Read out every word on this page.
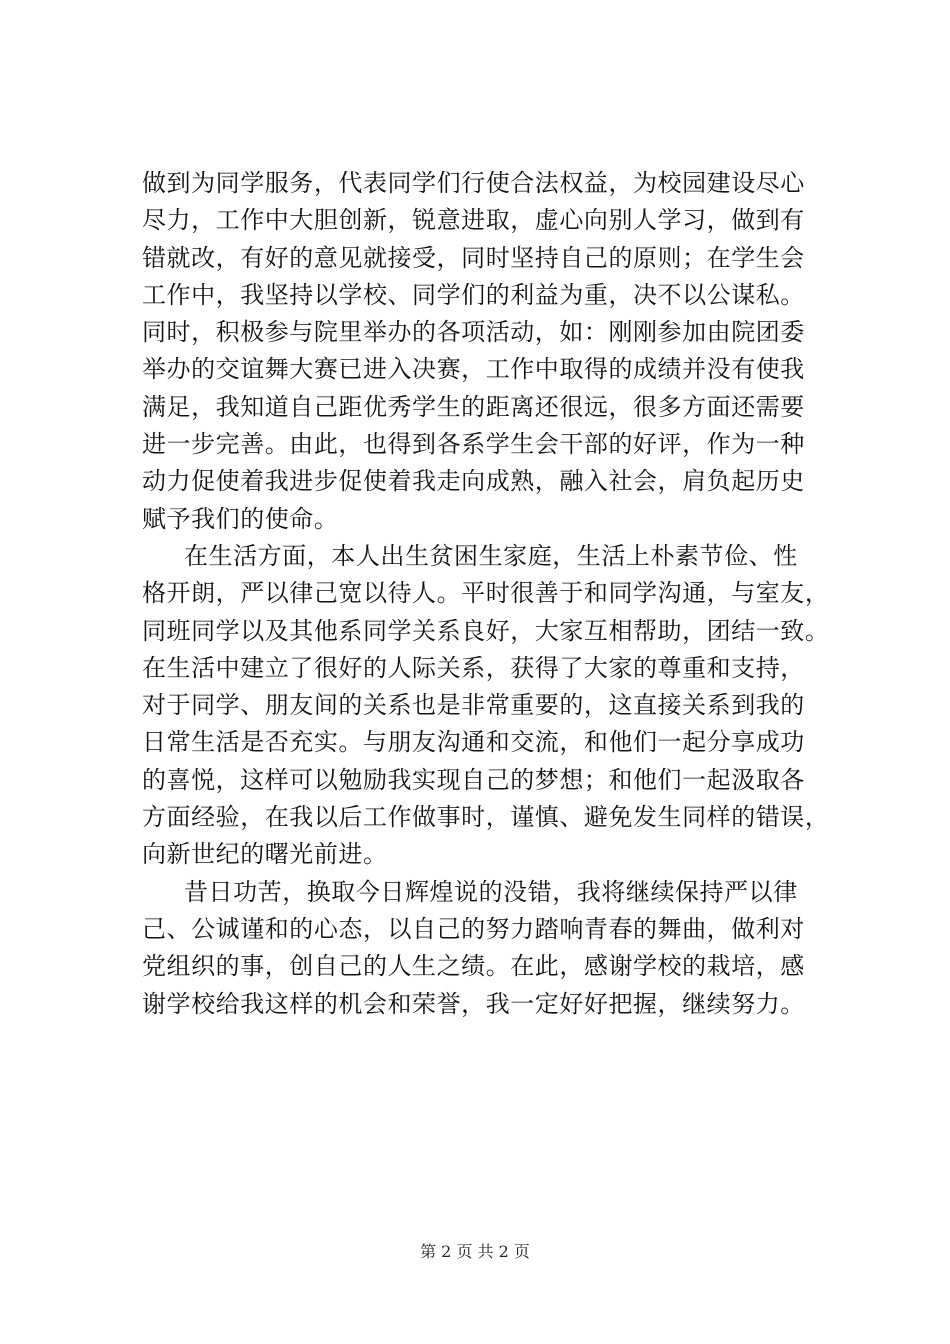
做到为同学服务，代表同学们行使合法权益，为校园建设尽心
尽力，工作中大胆创新，锐意进取，虚心向别人学习，做到有
错就改，有好的意见就接受，同时坚持自己的原则；在学生会
工作中，我坚持以学校、同学们的利益为重，决不以公谋私。
同时，积极参与院里举办的各项活动，如：刚刚参加由院团委
举办的交谊舞大赛已进入决赛，工作中取得的成绩并没有使我
满足，我知道自己距优秀学生的距离还很远，很多方面还需要
进一步完善。由此，也得到各系学生会干部的好评，作为一种
动力促使着我进步促使着我走向成熟，融入社会，肩负起历史
赋予我们的使命。
在生活方面，本人出生贫困生家庭，生活上朴素节俭、性
格开朗，严以律己宽以待人。平时很善于和同学沟通，与室友，
同班同学以及其他系同学关系良好，大家互相帮助，团结一致。
在生活中建立了很好的人际关系，获得了大家的尊重和支持，
对于同学、朋友间的关系也是非常重要的，这直接关系到我的
日常生活是否充实。与朋友沟通和交流，和他们一起分享成功
的喜悦，这样可以勉励我实现自己的梦想；和他们一起汲取各
方面经验，在我以后工作做事时，谨慎、避免发生同样的错误，
向新世纪的曙光前进。
昔日功苦，换取今日辉煌说的没错，我将继续保持严以律
己、公诚谨和的心态，以自己的努力踏响青春的舞曲，做利对
党组织的事，创自己的人生之绩。在此，感谢学校的栽培，感
谢学校给我这样的机会和荣誉，我一定好好把握，继续努力。
第 2 页 共 2 页
